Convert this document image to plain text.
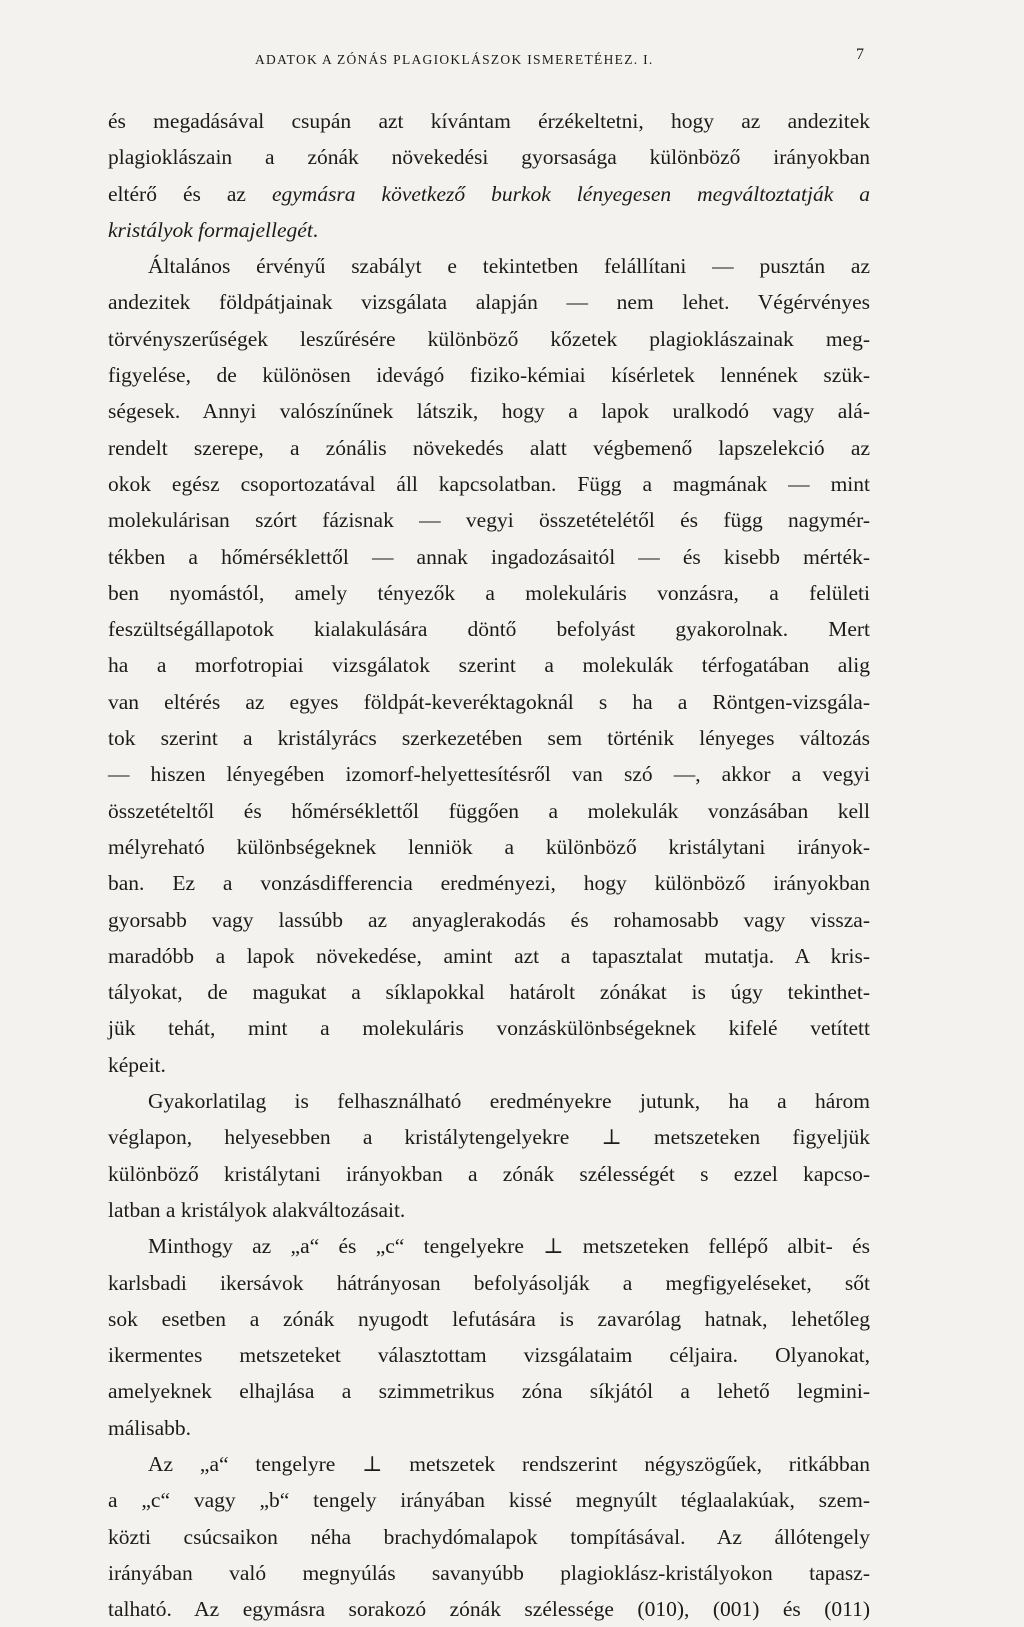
ADATOK A ZÓNÁS PLAGIOKLÁSZOK ISMERETÉHEZ. I.	7
és megadásával csupán azt kívántam érzékeltetni, hogy az andezitek
plagioklászain a zónák növekedési gyorsasága különböző irányokban
eltérő és az egymásra következő burkok lényegesen megváltoztatják a
kristályok formajellegét.
Általános érvényű szabályt e tekintetben felállítani — pusztán az
andezitek földpátjainak vizsgálata alapján — nem lehet. Végérvényes
törvényszerűségek leszűrésére különböző kőzetek plagioklászainak meg-
figyelése, de különösen idevágó fiziko-kémiai kísérletek lennének szük-
ségesek. Annyi valószínűnek látszik, hogy a lapok uralkodó vagy alá-
rendelt szerepe, a zónális növekedés alatt végbemenő lapszelekció az
okok egész csoportozatával áll kapcsolatban. Függ a magmának — mint
molekulárisan szórt fázisnak — vegyi összetételétől és függ nagymér-
tékben a hőmérséklettől — annak ingadozásaitól — és kisebb mérték-
ben nyomástól, amely tényezők a molekuláris vonzásra, a felületi
feszültségállapotok kialakulására döntő befolyást gyakorolnak. Mert
ha a morfotropiai vizsgálatok szerint a molekulák térfogatában alig
van eltérés az egyes földpát-keveréktagoknál s ha a Röntgen-vizsgála-
tok szerint a kristályrács szerkezetében sem történik lényeges változás
— hiszen lényegében izomorf-helyettesítésről van szó —, akkor a vegyi
összetételtől és hőmérséklettől függően a molekulák vonzásában kell
mélyreható különbségeknek lenniök a különböző kristálytani irányok-
ban. Ez a vonzásdifferencia eredményezi, hogy különböző irányokban
gyorsabb vagy lassúbb az anyaglerakodás és rohamosabb vagy vissza-
maradóbb a lapok növekedése, amint azt a tapasztalat mutatja. A kris-
tályokat, de magukat a síklapokkal határolt zónákat is úgy tekinthet-
jük tehát, mint a molekuláris vonzáskülönbségeknek kifelé vetített
képeit.
Gyakorlatilag is felhasználható eredményekre jutunk, ha a három
véglapon, helyesebben a kristálytengelyekre ⊥ metszeteken figyeljük
különböző kristálytani irányokban a zónák szélességét s ezzel kapcso-
latban a kristályok alakváltozásait.
Minthogy az „a“ és „c“ tengelyekre ⊥ metszeteken fellépő albit- és
karlsbadi ikersávok hátrányosan befolyásolják a megfigyeléseket, sőt
sok esetben a zónák nyugodt lefutására is zavarólag hatnak, lehetőleg
ikermentes metszeteket választottam vizsgálataim céljaira. Olyanokat,
amelyeknek elhajlása a szimmetrikus zóna síkjától a lehető legmini-
málisabb.
Az „a“ tengelyre ⊥ metszetek rendszerint négyszögűek, ritkábban
a „c“ vagy „b“ tengely irányában kissé megnyúlt téglaalakúak, szem-
közti csúcsaikon néha brachydómalapok tompításával. Az állótengely
irányában való megnyúlás savanyúbb plagioklász-kristályokon tapasz-
talható. Az egymásra sorakozó zónák szélessége (010), (001) és (011)
